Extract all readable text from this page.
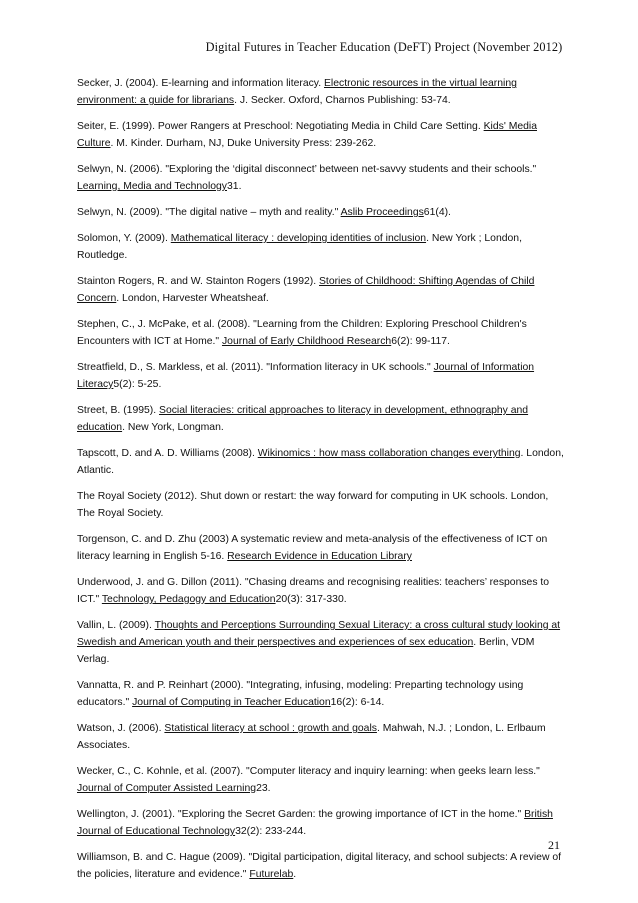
Digital Futures in Teacher Education (DeFT) Project (November 2012)

Secker, J. (2004). E-learning and information literacy. Electronic resources in the virtual learning environment: a guide for librarians. J. Secker. Oxford, Charnos Publishing: 53-74.

Seiter, E. (1999). Power Rangers at Preschool: Negotiating Media in Child Care Setting. Kids' Media Culture. M. Kinder. Durham, NJ, Duke University Press: 239-262.

Selwyn, N. (2006). "Exploring the ‘digital disconnect’ between net-savvy students and their schools." Learning, Media and Technology31.

Selwyn, N. (2009). "The digital native – myth and reality." Aslib Proceedings61(4).

Solomon, Y. (2009). Mathematical literacy : developing identities of inclusion. New York ; London, Routledge.

Stainton Rogers, R. and W. Stainton Rogers (1992). Stories of Childhood: Shifting Agendas of Child Concern. London, Harvester Wheatsheaf.

Stephen, C., J. McPake, et al. (2008). "Learning from the Children: Exploring Preschool Children's Encounters with ICT at Home." Journal of Early Childhood Research6(2): 99-117.

Streatfield, D., S. Markless, et al. (2011). "Information literacy in UK schools." Journal of Information Literacy5(2): 5-25.

Street, B. (1995). Social literacies: critical approaches to literacy in development, ethnography and education. New York, Longman.

Tapscott, D. and A. D. Williams (2008). Wikinomics : how mass collaboration changes everything. London, Atlantic.

The Royal Society (2012). Shut down or restart: the way forward for computing in UK schools. London, The Royal Society.

Torgenson, C. and D. Zhu (2003) A systematic review and meta-analysis of the effectiveness of ICT on literacy learning in English 5-16. Research Evidence in Education Library

Underwood, J. and G. Dillon (2011). "Chasing dreams and recognising realities: teachers’ responses to ICT." Technology, Pedagogy and Education20(3): 317-330.

Vallin, L. (2009). Thoughts and Perceptions Surrounding Sexual Literacy: a cross cultural study looking at Swedish and American youth and their perspectives and experiences of sex education. Berlin, VDM Verlag.

Vannatta, R. and P. Reinhart (2000). "Integrating, infusing, modeling: Preparting technology using educators." Journal of Computing in Teacher Education16(2): 6-14.

Watson, J. (2006). Statistical literacy at school : growth and goals. Mahwah, N.J. ; London, L. Erlbaum Associates.

Wecker, C., C. Kohnle, et al. (2007). "Computer literacy and inquiry learning: when geeks learn less." Journal of Computer Assisted Learning23.

Wellington, J. (2001). "Exploring the Secret Garden: the growing importance of ICT in the home." British Journal of Educational Technology32(2): 233-244.

Williamson, B. and C. Hague (2009). "Digital participation, digital literacy, and school subjects: A review of the policies, literature and evidence." Futurelab.

21
